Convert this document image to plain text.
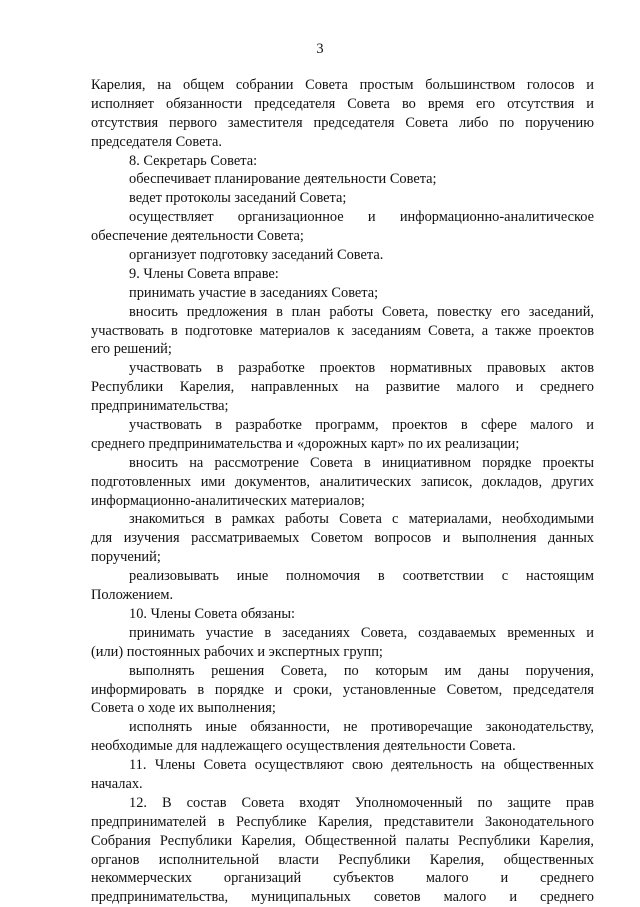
3
Карелия, на общем собрании Совета простым большинством голосов и
исполняет обязанности председателя Совета во время его отсутствия и
отсутствия первого заместителя председателя Совета либо по поручению
председателя Совета.
8. Секретарь Совета:
обеспечивает планирование деятельности Совета;
ведет протоколы заседаний Совета;
осуществляет организационное и информационно-аналитическое
обеспечение деятельности Совета;
организует подготовку заседаний Совета.
9. Члены Совета вправе:
принимать участие в заседаниях Совета;
вносить предложения в план работы Совета, повестку его заседаний,
участвовать в подготовке материалов к заседаниям Совета, а также проектов
его решений;
участвовать в разработке проектов нормативных правовых актов
Республики Карелия, направленных на развитие малого и среднего
предпринимательства;
участвовать в разработке программ, проектов в сфере малого и
среднего предпринимательства и «дорожных карт» по их реализации;
вносить на рассмотрение Совета в инициативном порядке проекты
подготовленных ими документов, аналитических записок, докладов, других
информационно-аналитических материалов;
знакомиться в рамках работы Совета с материалами, необходимыми
для изучения рассматриваемых Советом вопросов и выполнения данных
поручений;
реализовывать иные полномочия в соответствии с настоящим
Положением.
10. Члены Совета обязаны:
принимать участие в заседаниях Совета, создаваемых временных и
(или) постоянных рабочих и экспертных групп;
выполнять решения Совета, по которым им даны поручения,
информировать в порядке и сроки, установленные Советом, председателя
Совета о ходе их выполнения;
исполнять иные обязанности, не противоречащие законодательству,
необходимые для надлежащего осуществления деятельности Совета.
11. Члены Совета осуществляют свою деятельность на общественных
началах.
12. В состав Совета входят Уполномоченный по защите прав
предпринимателей в Республике Карелия, представители Законодательного
Собрания Республики Карелия, Общественной палаты Республики Карелия,
органов исполнительной власти Республики Карелия, общественных
некоммерческих организаций субъектов малого и среднего
предпринимательства, муниципальных советов малого и среднего
